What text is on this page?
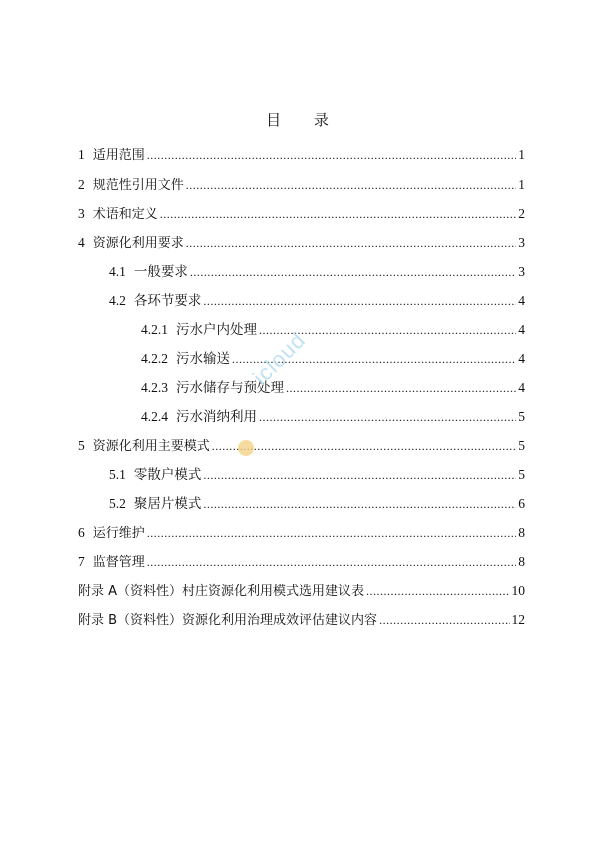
目 录
1 适用范围 .....	1
2 规范性引用文件 .....	1
3 术语和定义 .....	2
4 资源化利用要求 .....	3
4.1 一般要求 .....	3
4.2 各环节要求 .....	4
4.2.1 污水户内处理 .....	4
4.2.2 污水输送 .....	4
4.2.3 污水储存与预处理 .....	4
4.2.4 污水消纳利用 .....	5
5 资源化利用主要模式 .....	5
5.1 零散户模式 .....	5
5.2 聚居片模式 .....	6
6 运行维护 .....	8
7 监督管理 .....	8
附录 A（资料性）村庄资源化利用模式选用建议表 .....	10
附录 B（资料性）资源化利用治理成效评估建议内容 .....	12
icloud
